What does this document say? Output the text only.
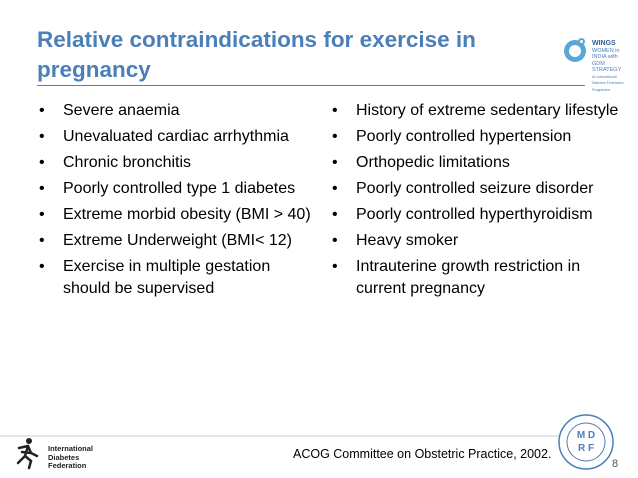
Relative contraindications for exercise in pregnancy
WINGS
WOMEN in INDIA with GDM STRATEGY
An International Diabetes Federation Programme
• Severe anaemia
• Unevaluated cardiac arrhythmia
• Chronic bronchitis
• Poorly controlled type 1 diabetes
• Extreme morbid obesity (BMI > 40)
• Extreme Underweight (BMI< 12)
• Exercise in multiple gestation should be supervised
• History of extreme sedentary lifestyle
• Poorly controlled hypertension
• Orthopedic limitations
• Poorly controlled seizure disorder
• Poorly controlled hyperthyroidism
• Heavy smoker
• Intrauterine growth restriction in current pregnancy
International
Diabetes
Federation
ACOG Committee on Obstetric Practice, 2002.
M D
R F
8
